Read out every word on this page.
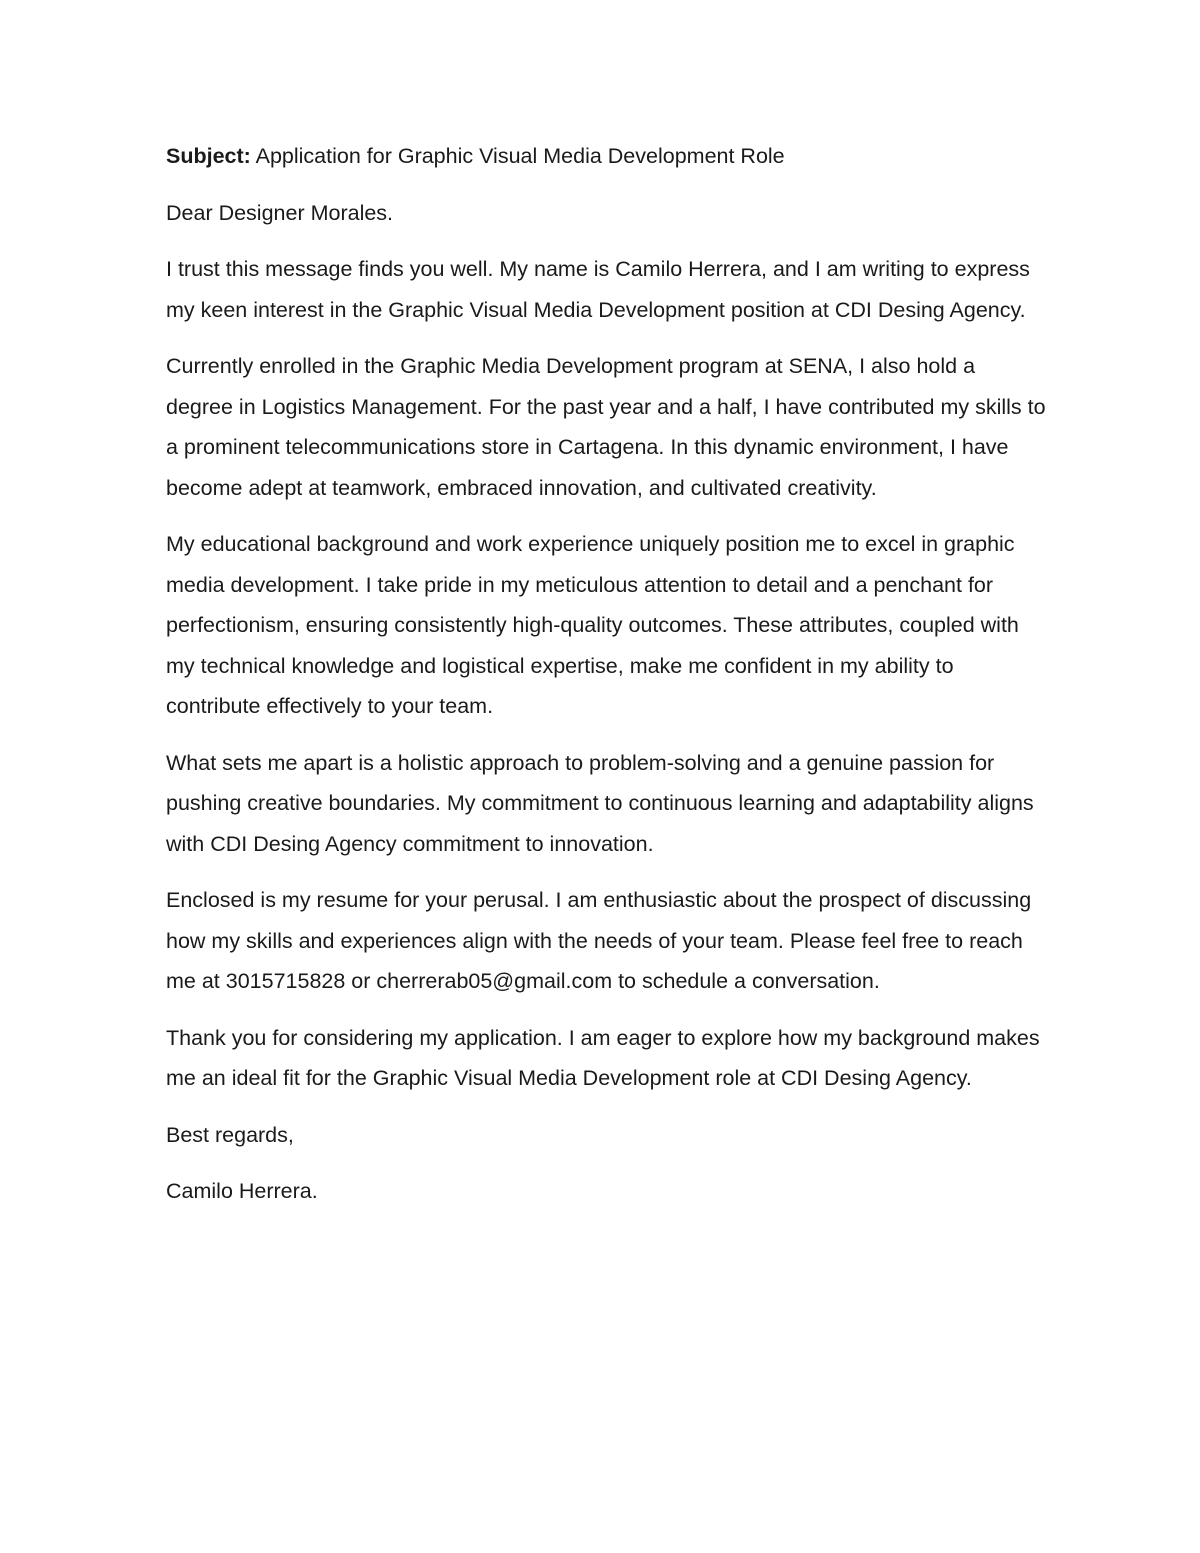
Subject: Application for Graphic Visual Media Development Role

Dear Designer Morales.

I trust this message finds you well. My name is Camilo Herrera, and I am writing to express my keen interest in the Graphic Visual Media Development position at CDI Desing Agency.

Currently enrolled in the Graphic Media Development program at SENA, I also hold a degree in Logistics Management. For the past year and a half, I have contributed my skills to a prominent telecommunications store in Cartagena. In this dynamic environment, I have become adept at teamwork, embraced innovation, and cultivated creativity.

My educational background and work experience uniquely position me to excel in graphic media development. I take pride in my meticulous attention to detail and a penchant for perfectionism, ensuring consistently high-quality outcomes. These attributes, coupled with my technical knowledge and logistical expertise, make me confident in my ability to contribute effectively to your team.

What sets me apart is a holistic approach to problem-solving and a genuine passion for pushing creative boundaries. My commitment to continuous learning and adaptability aligns with CDI Desing Agency commitment to innovation.

Enclosed is my resume for your perusal. I am enthusiastic about the prospect of discussing how my skills and experiences align with the needs of your team. Please feel free to reach me at 3015715828 or cherrerab05@gmail.com to schedule a conversation.

Thank you for considering my application. I am eager to explore how my background makes me an ideal fit for the Graphic Visual Media Development role at CDI Desing Agency.

Best regards,

Camilo Herrera.
